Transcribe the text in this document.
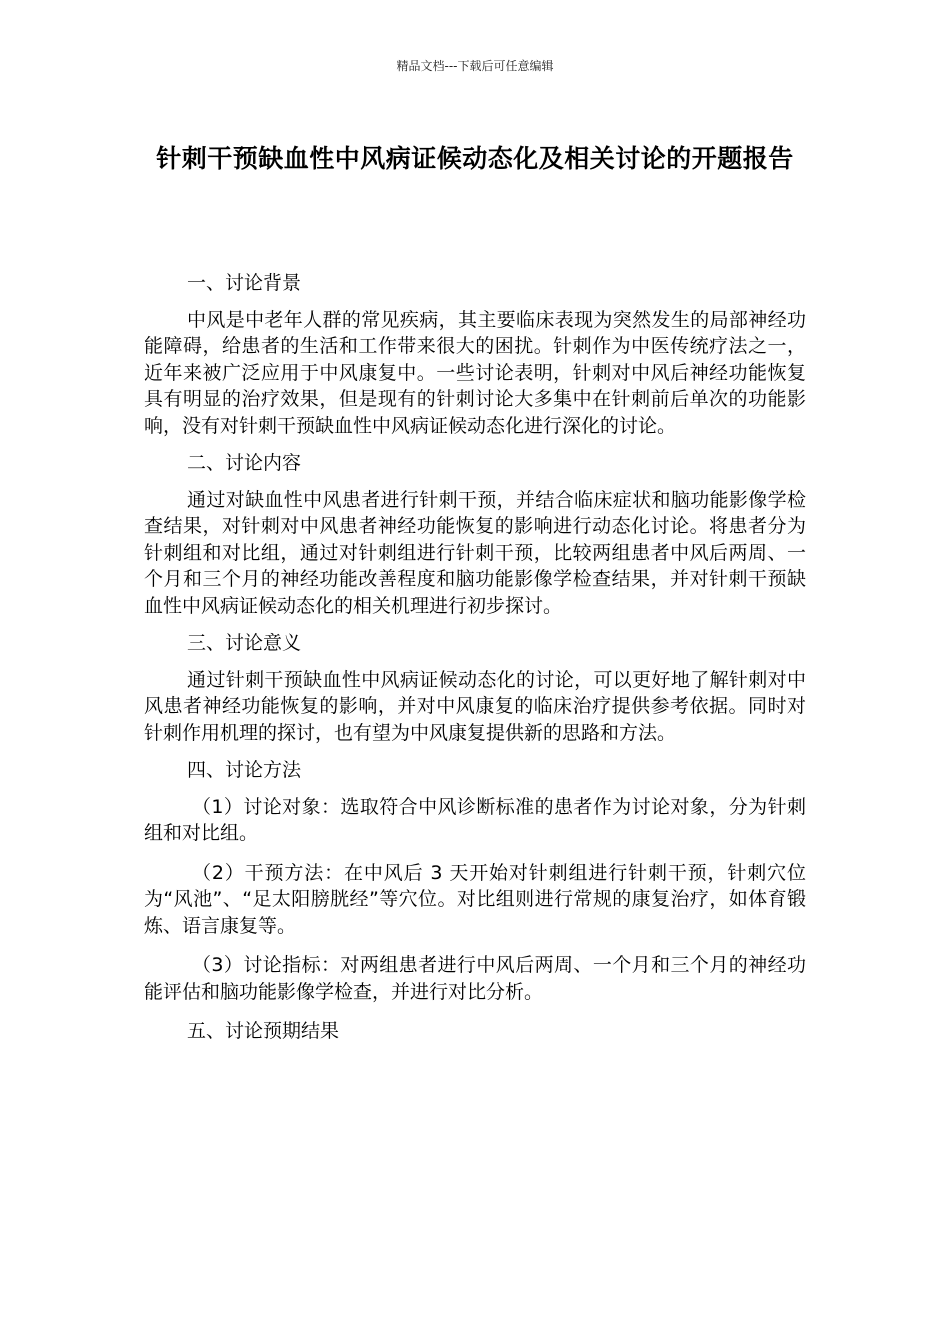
精品文档---下载后可任意编辑
针刺干预缺血性中风病证候动态化及相关讨论的开题报告
一、讨论背景
中风是中老年人群的常见疾病，其主要临床表现为突然发生的局部神经功能障碍，给患者的生活和工作带来很大的困扰。针刺作为中医传统疗法之一，近年来被广泛应用于中风康复中。一些讨论表明，针刺对中风后神经功能恢复具有明显的治疗效果，但是现有的针刺讨论大多集中在针刺前后单次的功能影响，没有对针刺干预缺血性中风病证候动态化进行深化的讨论。
二、讨论内容
通过对缺血性中风患者进行针刺干预，并结合临床症状和脑功能影像学检查结果，对针刺对中风患者神经功能恢复的影响进行动态化讨论。将患者分为针刺组和对比组，通过对针刺组进行针刺干预，比较两组患者中风后两周、一个月和三个月的神经功能改善程度和脑功能影像学检查结果，并对针刺干预缺血性中风病证候动态化的相关机理进行初步探讨。
三、讨论意义
通过针刺干预缺血性中风病证候动态化的讨论，可以更好地了解针刺对中风患者神经功能恢复的影响，并对中风康复的临床治疗提供参考依据。同时对针刺作用机理的探讨，也有望为中风康复提供新的思路和方法。
四、讨论方法
（1）讨论对象：选取符合中风诊断标准的患者作为讨论对象，分为针刺组和对比组。
（2）干预方法：在中风后 3 天开始对针刺组进行针刺干预，针刺穴位为“风池”、“足太阳膀胱经”等穴位。对比组则进行常规的康复治疗，如体育锻炼、语言康复等。
（3）讨论指标：对两组患者进行中风后两周、一个月和三个月的神经功能评估和脑功能影像学检查，并进行对比分析。
五、讨论预期结果
